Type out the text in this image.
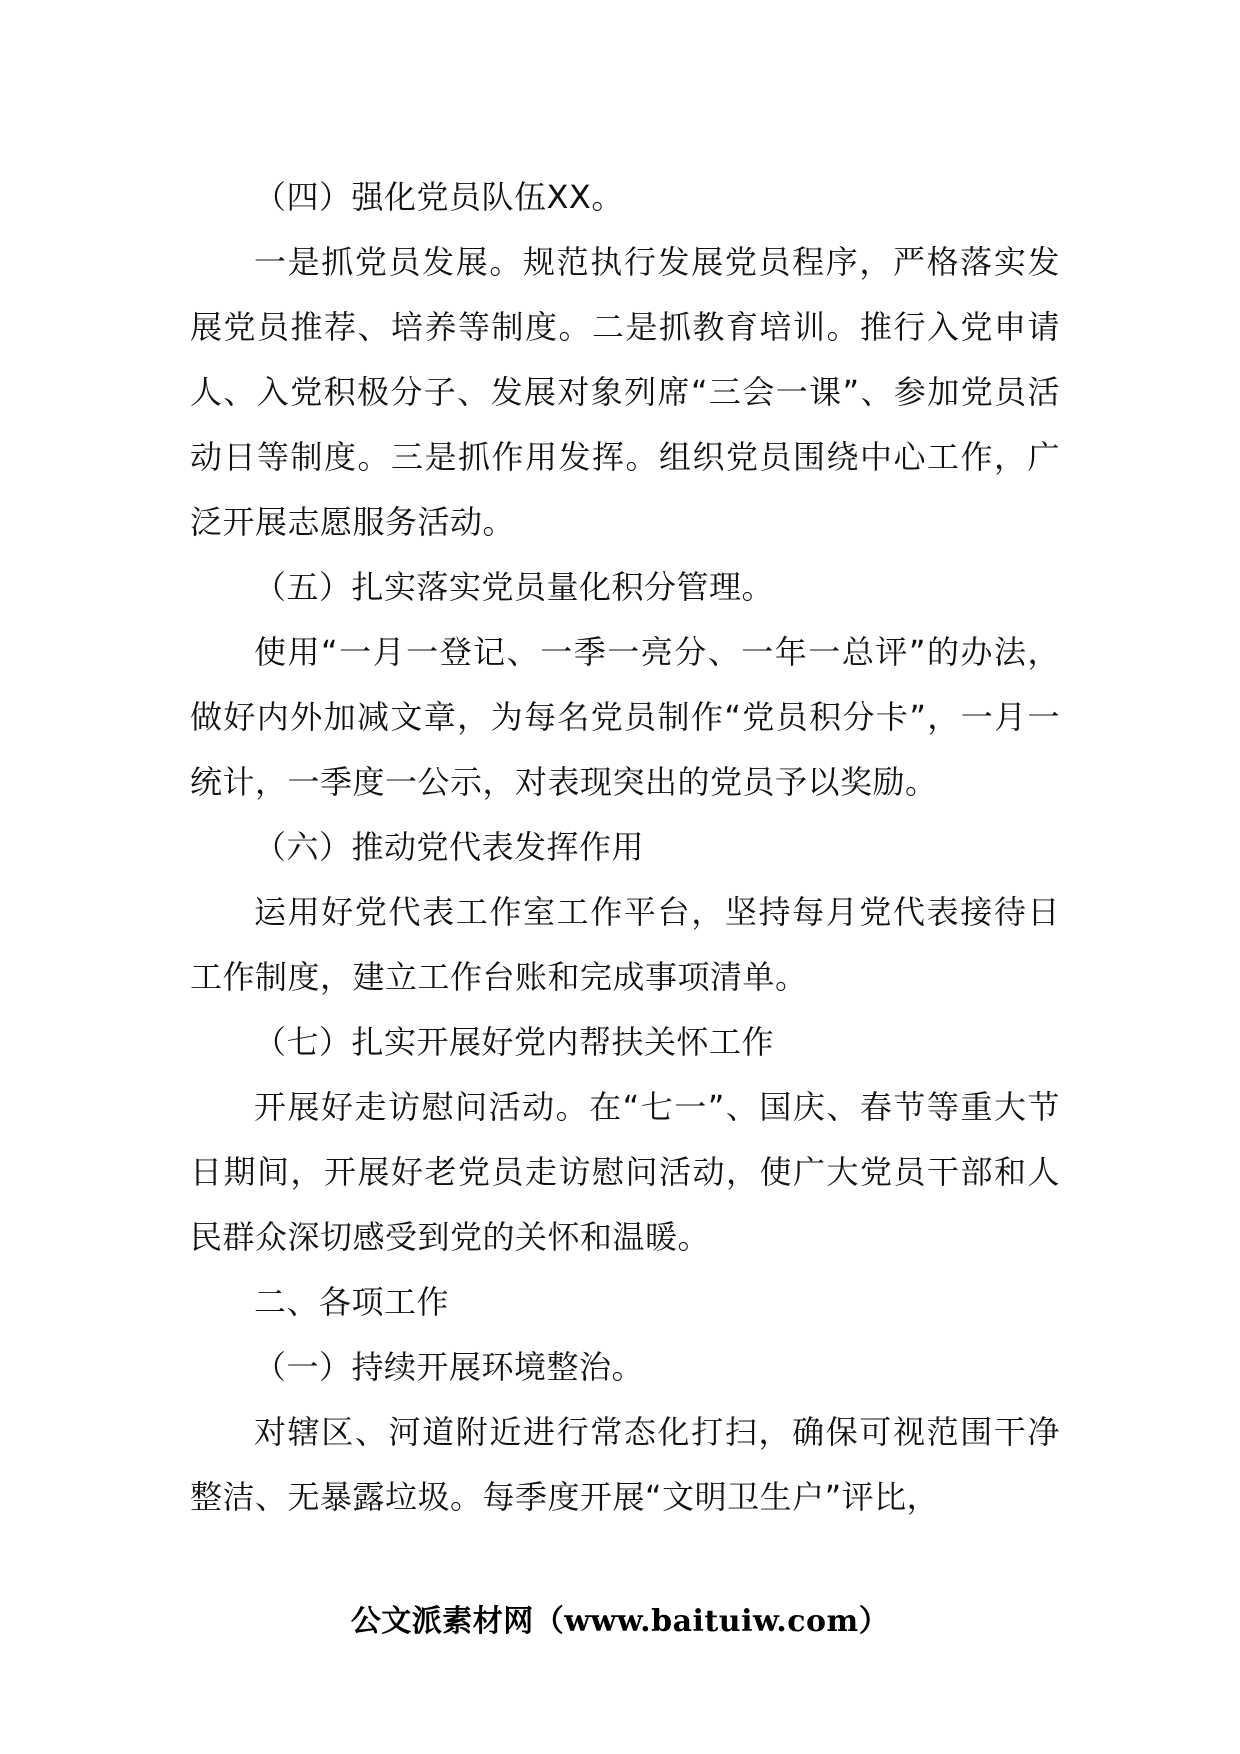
（四）强化党员队伍XX。

一是抓党员发展。规范执行发展党员程序，严格落实发展党员推荐、培养等制度。二是抓教育培训。推行入党申请人、入党积极分子、发展对象列席“三会一课”、参加党员活动日等制度。三是抓作用发挥。组织党员围绕中心工作，广泛开展志愿服务活动。

（五）扎实落实党员量化积分管理。

使用“一月一登记、一季一亮分、一年一总评”的办法，做好内外加减文章，为每名党员制作“党员积分卡”，一月一统计，一季度一公示，对表现突出的党员予以奖励。

（六）推动党代表发挥作用

运用好党代表工作室工作平台，坚持每月党代表接待日工作制度，建立工作台账和完成事项清单。

（七）扎实开展好党内帮扶关怀工作

开展好走访慰问活动。在“七一”、国庆、春节等重大节日期间，开展好老党员走访慰问活动，使广大党员干部和人民群众深切感受到党的关怀和温暖。

二、各项工作

（一）持续开展环境整治。

对辖区、河道附近进行常态化打扫，确保可视范围干净整洁、无暴露垃圾。每季度开展“文明卫生户”评比，

公文派素材网（www.baituiw.com）
